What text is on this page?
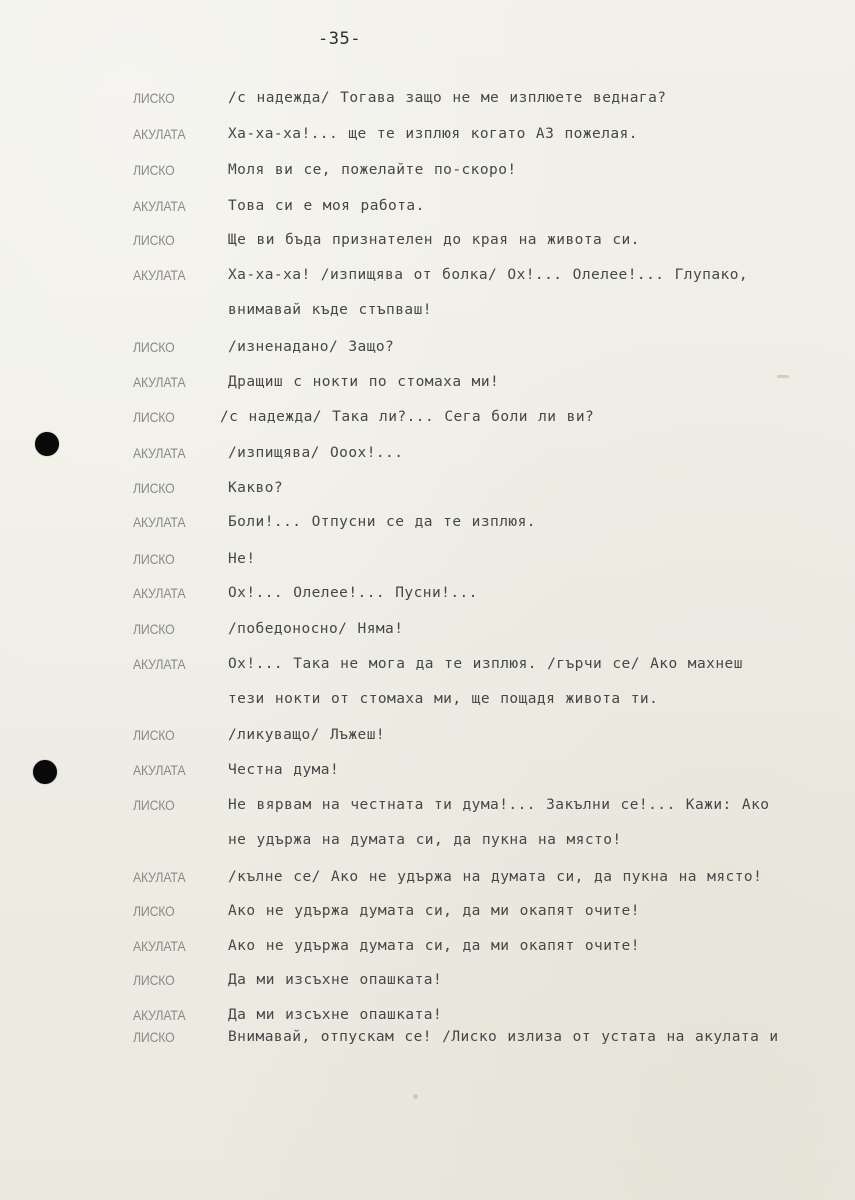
-35-
ЛИСКО	/с надежда/ Тогава защо не ме изплюете веднага?
АКУЛАТА	Ха-ха-ха!... ще те изплюя когато АЗ пожелая.
ЛИСКО	Моля ви се, пожелайте по-скоро!
АКУЛАТА	Това си е моя работа.
ЛИСКО	Ще ви бъда признателен до края на живота си.
АКУЛАТА	Ха-ха-ха! /изпищява от болка/ Ох!... Олелее!... Глупако,
внимавай къде стъпваш!
ЛИСКО	/изненадано/ Защо?
АКУЛАТА	Дращиш с нокти по стомаха ми!
ЛИСКО	/с надежда/ Така ли?... Сега боли ли ви?
АКУЛАТА	/изпищява/ Ооох!...
ЛИСКО	Какво?
АКУЛАТА	Боли!... Отпусни се да те изплюя.
ЛИСКО	Не!
АКУЛАТА	Ох!... Олелее!... Пусни!...
ЛИСКО	/победоносно/ Няма!
АКУЛАТА	Ох!... Така не мога да те изплюя. /гърчи се/ Ако махнеш
тези нокти от стомаха ми, ще пощадя живота ти.
ЛИСКО	/ликуващо/ Лъжеш!
АКУЛАТА	Честна дума!
ЛИСКО	Не вярвам на честната ти дума!... Закълни се!... Кажи: Ако
не удържа на думата си, да пукна на място!
АКУЛАТА	/кълне се/ Ако не удържа на думата си, да пукна на място!
ЛИСКО	Ако не удържа думата си, да ми окапят очите!
АКУЛАТА	Ако не удържа думата си, да ми окапят очите!
ЛИСКО	Да ми изсъхне опашката!
АКУЛАТА	Да ми изсъхне опашката!
ЛИСКО	Внимавай, отпускам се! /Лиско излиза от устата на акулата и
